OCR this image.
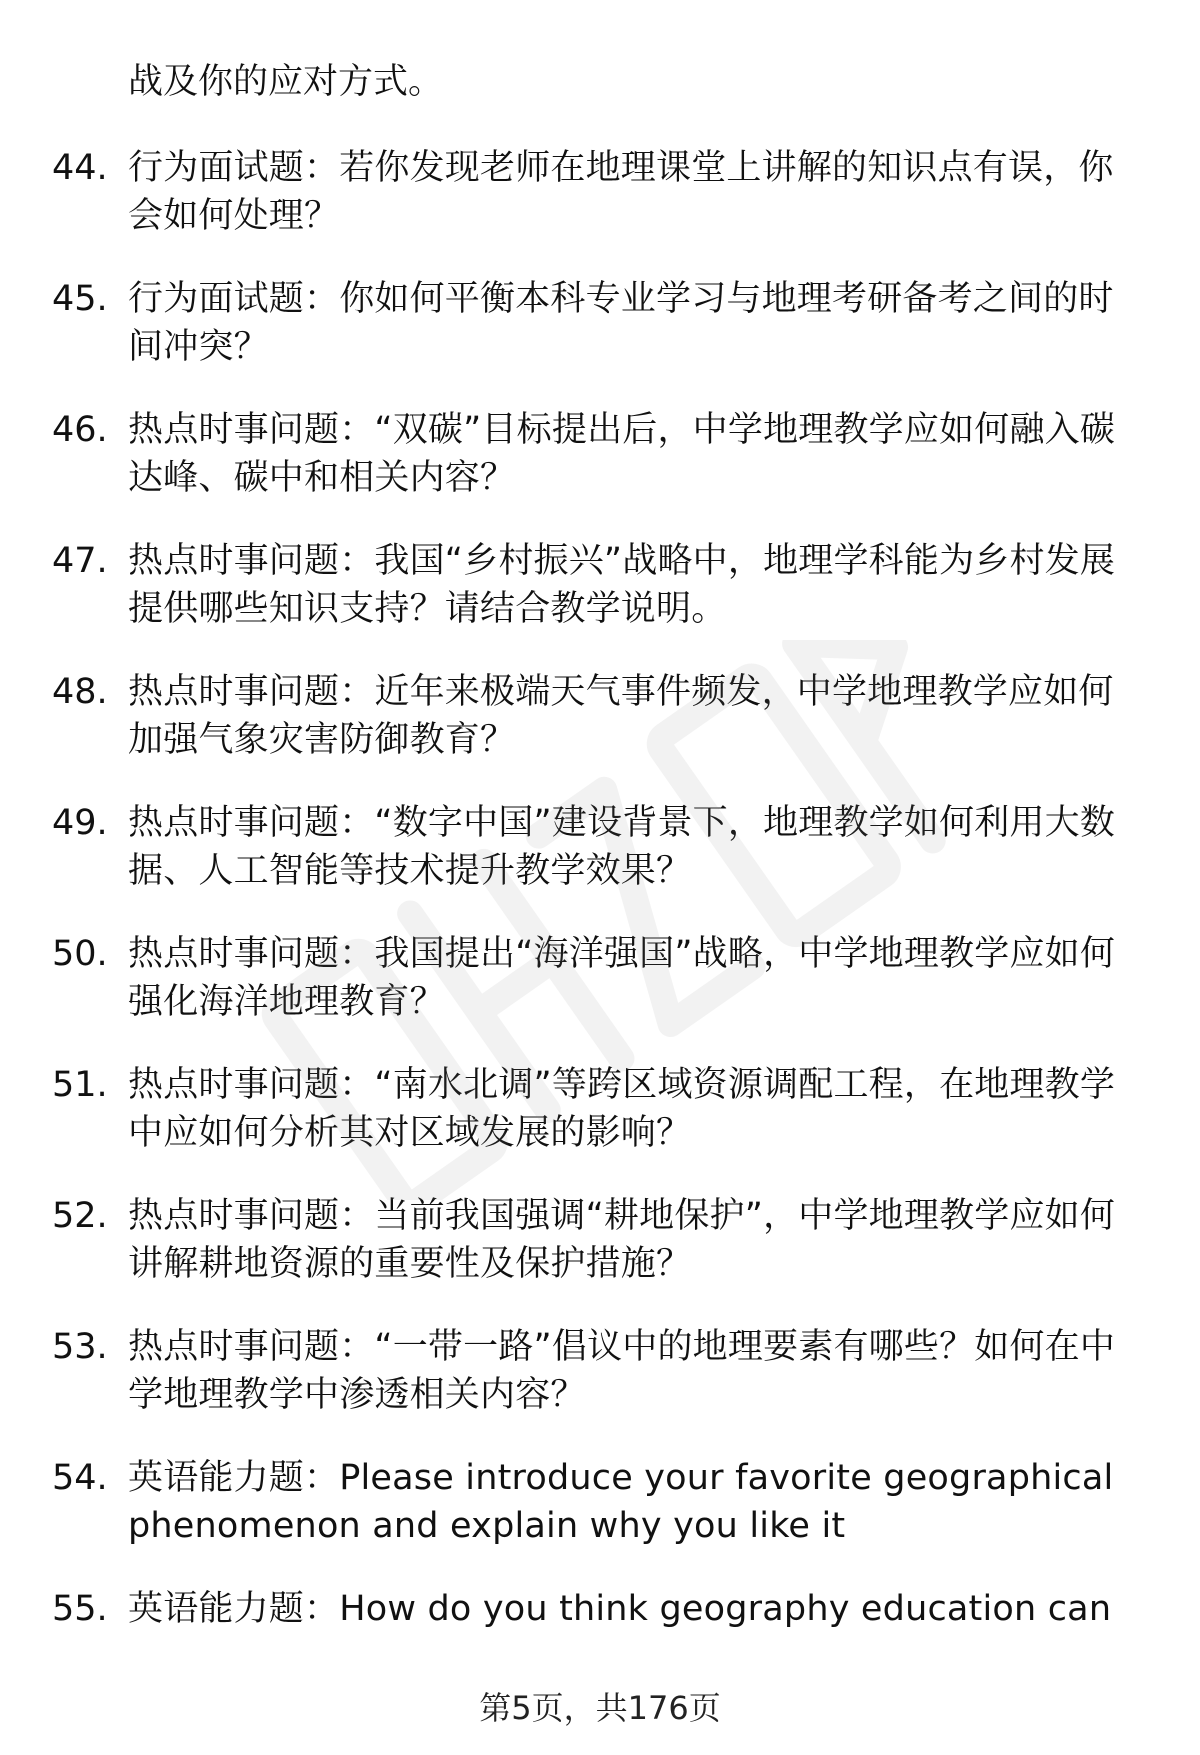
战及你的应对方式。
44. 行为面试题：若你发现老师在地理课堂上讲解的知识点有误，你会如何处理？
45. 行为面试题：你如何平衡本科专业学习与地理考研备考之间的时间冲突？
46. 热点时事问题：“双碳”目标提出后，中学地理教学应如何融入碳达峰、碳中和相关内容？
47. 热点时事问题：我国“乡村振兴”战略中，地理学科能为乡村发展提供哪些知识支持？请结合教学说明。
48. 热点时事问题：近年来极端天气事件频发，中学地理教学应如何加强气象灾害防御教育？
49. 热点时事问题：“数字中国”建设背景下，地理教学如何利用大数据、人工智能等技术提升教学效果？
50. 热点时事问题：我国提出“海洋强国”战略，中学地理教学应如何强化海洋地理教育？
51. 热点时事问题：“南水北调”等跨区域资源调配工程，在地理教学中应如何分析其对区域发展的影响？
52. 热点时事问题：当前我国强调“耕地保护”，中学地理教学应如何讲解耕地资源的重要性及保护措施？
53. 热点时事问题：“一带一路”倡议中的地理要素有哪些？如何在中学地理教学中渗透相关内容？
54. 英语能力题：Please introduce your favorite geographical phenomenon and explain why you like it
55. 英语能力题：How do you think geography education can
第5页，共176页
